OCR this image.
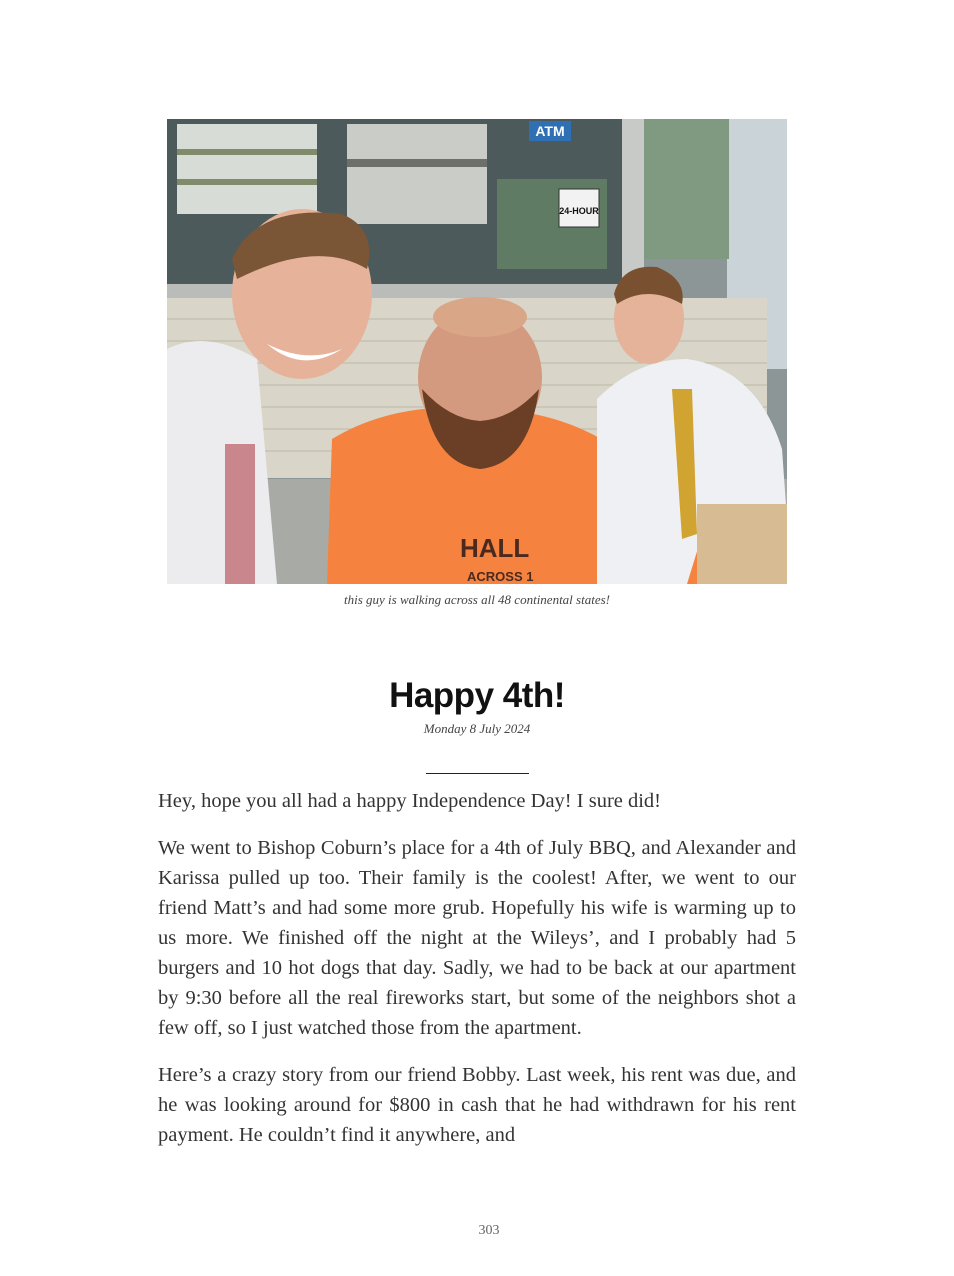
ATM
24-HOUR
HALL
ACROSS 1
this guy is walking across all 48 continental states!
Happy 4th!
Monday 8 July 2024

Hey, hope you all had a happy Independence Day! I sure did!

We went to Bishop Coburn’s place for a 4th of July BBQ, and Alexander and Karissa pulled up too. Their family is the coolest! After, we went to our friend Matt’s and had some more grub. Hopefully his wife is warming up to us more. We finished off the night at the Wileys’, and I probably had 5 burgers and 10 hot dogs that day. Sadly, we had to be back at our apartment by 9:30 before all the real fireworks start, but some of the neighbors shot a few off, so I just watched those from the apartment.

Here’s a crazy story from our friend Bobby. Last week, his rent was due, and he was looking around for $800 in cash that he had withdrawn for his rent payment. He couldn’t find it anywhere, and

303
